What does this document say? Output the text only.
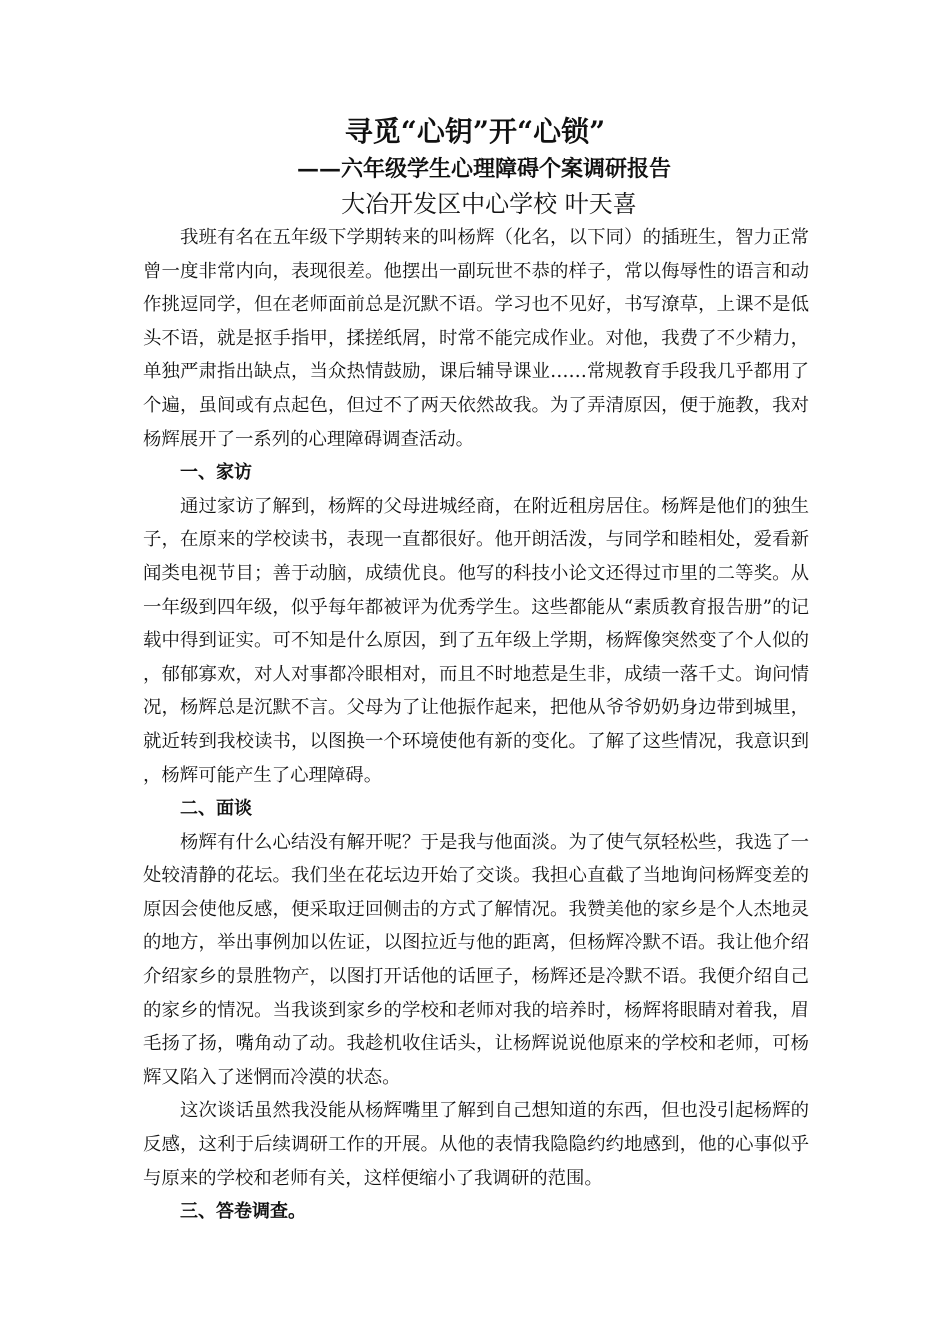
寻觅“心钥”开“心锁”
——六年级学生心理障碍个案调研报告
大冶开发区中心学校 叶天喜

我班有名在五年级下学期转来的叫杨辉（化名，以下同）的插班生，智力正常曾一度非常内向，表现很差。他摆出一副玩世不恭的样子，常以侮辱性的语言和动作挑逗同学，但在老师面前总是沉默不语。学习也不见好，书写潦草，上课不是低头不语，就是抠手指甲，揉搓纸屑，时常不能完成作业。对他，我费了不少精力，单独严肃指出缺点，当众热情鼓励，课后辅导课业……常规教育手段我几乎都用了个遍，虽间或有点起色，但过不了两天依然故我。为了弄清原因，便于施教，我对杨辉展开了一系列的心理障碍调查活动。

一、家访

通过家访了解到，杨辉的父母进城经商，在附近租房居住。杨辉是他们的独生子，在原来的学校读书，表现一直都很好。他开朗活泼，与同学和睦相处，爱看新闻类电视节目；善于动脑，成绩优良。他写的科技小论文还得过市里的二等奖。从一年级到四年级，似乎每年都被评为优秀学生。这些都能从“素质教育报告册”的记载中得到证实。可不知是什么原因，到了五年级上学期，杨辉像突然变了个人似的，郁郁寡欢，对人对事都冷眼相对，而且不时地惹是生非，成绩一落千丈。询问情况，杨辉总是沉默不言。父母为了让他振作起来，把他从爷爷奶奶身边带到城里，就近转到我校读书，以图换一个环境使他有新的变化。了解了这些情况，我意识到，杨辉可能产生了心理障碍。

二、面谈

杨辉有什么心结没有解开呢？于是我与他面淡。为了使气氛轻松些，我选了一处较清静的花坛。我们坐在花坛边开始了交谈。我担心直截了当地询问杨辉变差的原因会使他反感，便采取迂回侧击的方式了解情况。我赞美他的家乡是个人杰地灵的地方，举出事例加以佐证，以图拉近与他的距离，但杨辉冷默不语。我让他介绍介绍家乡的景胜物产，以图打开话他的话匣子，杨辉还是冷默不语。我便介绍自己的家乡的情况。当我谈到家乡的学校和老师对我的培养时，杨辉将眼睛对着我，眉毛扬了扬，嘴角动了动。我趁机收住话头，让杨辉说说他原来的学校和老师，可杨辉又陷入了迷惘而冷漠的状态。

这次谈话虽然我没能从杨辉嘴里了解到自己想知道的东西，但也没引起杨辉的反感，这利于后续调研工作的开展。从他的表情我隐隐约约地感到，他的心事似乎与原来的学校和老师有关，这样便缩小了我调研的范围。

三、答卷调查。
